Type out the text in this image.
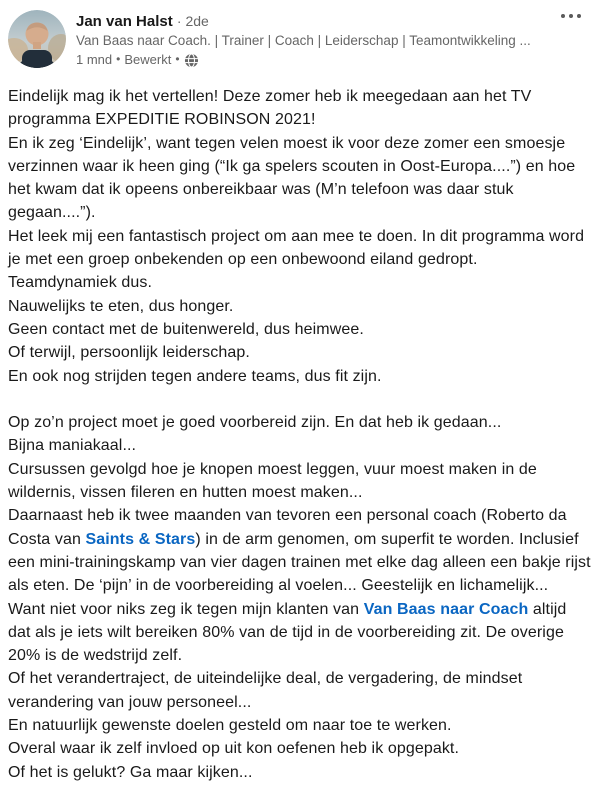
Jan van Halst · 2de
Van Baas naar Coach. | Trainer | Coach | Leiderschap | Teamontwikkeling ...
1 mnd • Bewerkt •
Eindelijk mag ik het vertellen! Deze zomer heb ik meegedaan aan het TV programma EXPEDITIE ROBINSON 2021!
En ik zeg ‘Eindelijk’, want tegen velen moest ik voor deze zomer een smoesje verzinnen waar ik heen ging (“Ik ga spelers scouten in Oost-Europa....”) en hoe het kwam dat ik opeens onbereikbaar was (M’n telefoon was daar stuk gegaan....”).
Het leek mij een fantastisch project om aan mee te doen. In dit programma word je met een groep onbekenden op een onbewoond eiland gedropt.
Teamdynamiek dus.
Nauwelijks te eten, dus honger.
Geen contact met de buitenwereld, dus heimwee.
Of terwijl, persoonlijk leiderschap.
En ook nog strijden tegen andere teams, dus fit zijn.

Op zo’n project moet je goed voorbereid zijn. En dat heb ik gedaan...
Bijna maniakaal...
Cursussen gevolgd hoe je knopen moest leggen, vuur moest maken in de wildernis, vissen fileren en hutten moest maken...
Daarnaast heb ik twee maanden van tevoren een personal coach (Roberto da Costa van Saints & Stars) in de arm genomen, om superfit te worden. Inclusief een mini-trainingskamp van vier dagen trainen met elke dag alleen een bakje rijst als eten. De ‘pijn’ in de voorbereiding al voelen... Geestelijk en lichamelijk...
Want niet voor niks zeg ik tegen mijn klanten van Van Baas naar Coach altijd dat als je iets wilt bereiken 80% van de tijd in de voorbereiding zit. De overige 20% is de wedstrijd zelf.
Of het verandertraject, de uiteindelijke deal, de vergadering, de mindset verandering van jouw personeel...
En natuurlijk gewenste doelen gesteld om naar toe te werken.
Overal waar ik zelf invloed op uit kon oefenen heb ik opgepakt.
Of het is gelukt? Ga maar kijken...
